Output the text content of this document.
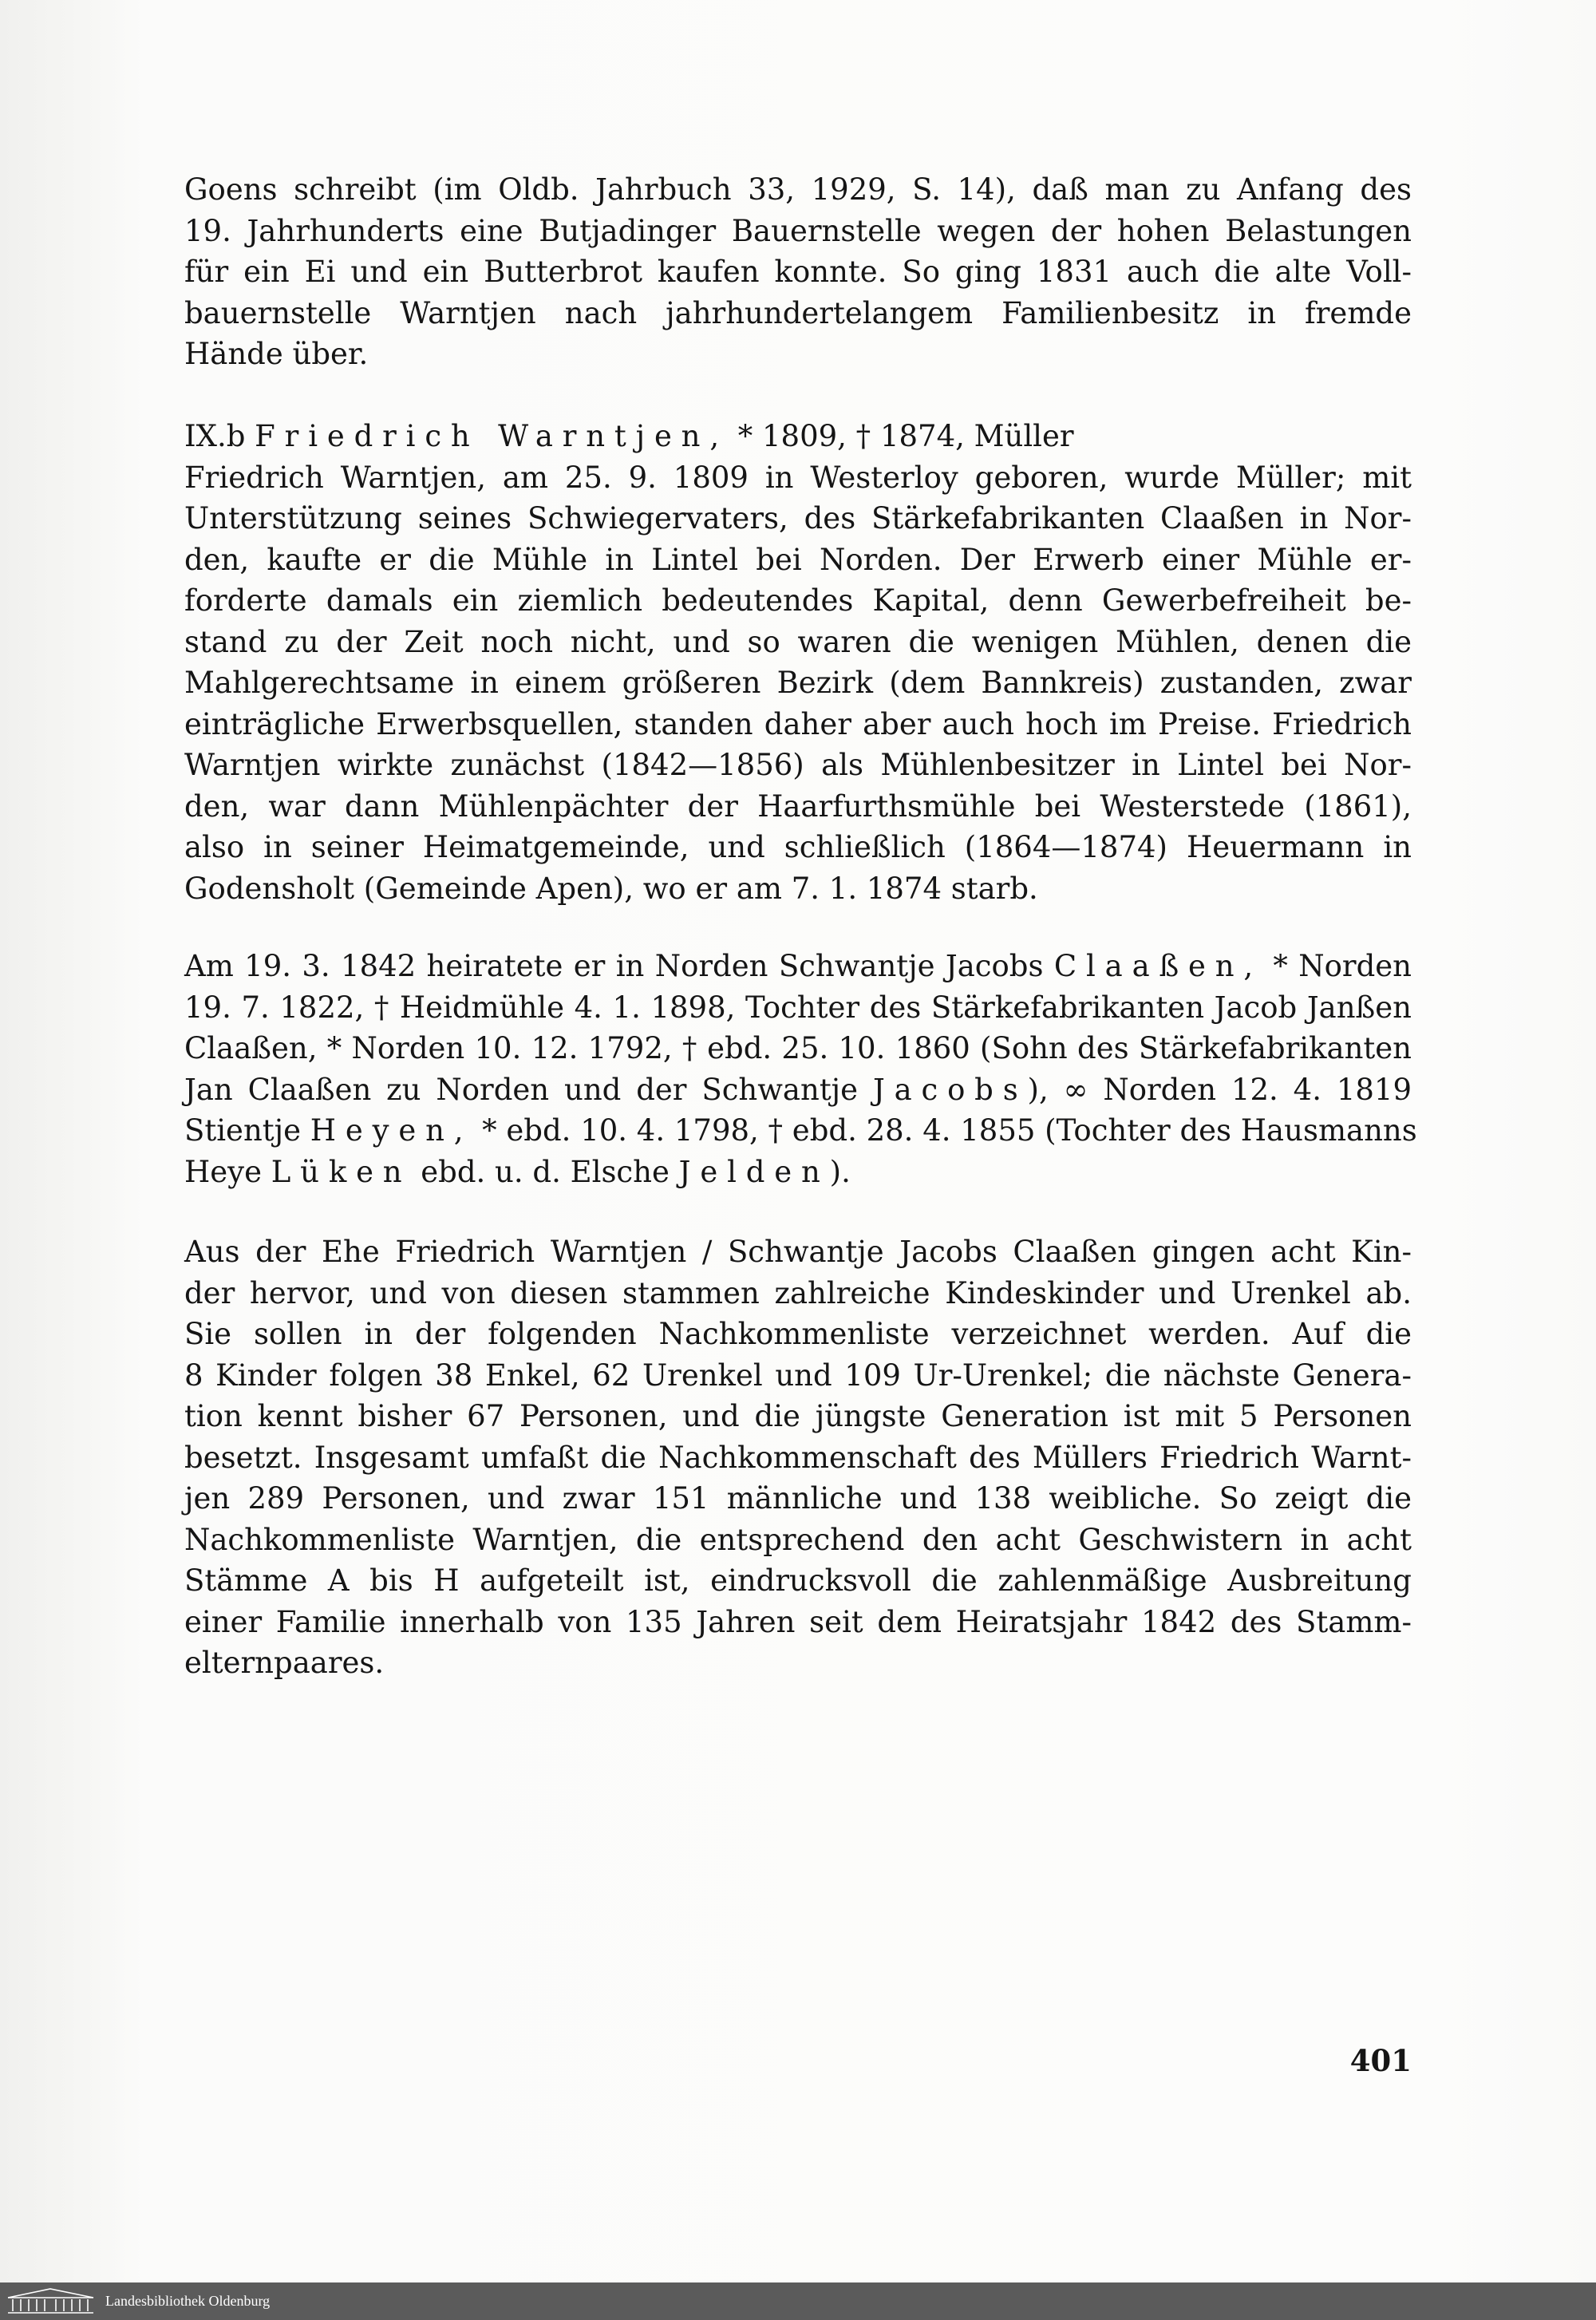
Goens schreibt (im Oldb. Jahrbuch 33, 1929, S. 14), daß man zu Anfang des
19. Jahrhunderts eine Butjadinger Bauernstelle wegen der hohen Belastungen
für ein Ei und ein Butterbrot kaufen konnte. So ging 1831 auch die alte Voll-
bauernstelle Warntjen nach jahrhundertelangem Familienbesitz in fremde
Hände über.
IX.b Friedrich Warntjen, * 1809, † 1874, Müller
Friedrich Warntjen, am 25. 9. 1809 in Westerloy geboren, wurde Müller; mit
Unterstützung seines Schwiegervaters, des Stärkefabrikanten Claaßen in Nor-
den, kaufte er die Mühle in Lintel bei Norden. Der Erwerb einer Mühle er-
forderte damals ein ziemlich bedeutendes Kapital, denn Gewerbefreiheit be-
stand zu der Zeit noch nicht, und so waren die wenigen Mühlen, denen die
Mahlgerechtsame in einem größeren Bezirk (dem Bannkreis) zustanden, zwar
einträgliche Erwerbsquellen, standen daher aber auch hoch im Preise. Friedrich
Warntjen wirkte zunächst (1842—1856) als Mühlenbesitzer in Lintel bei Nor-
den, war dann Mühlenpächter der Haarfurthsmühle bei Westerstede (1861),
also in seiner Heimatgemeinde, und schließlich (1864—1874) Heuermann in
Godensholt (Gemeinde Apen), wo er am 7. 1. 1874 starb.
Am 19. 3. 1842 heiratete er in Norden Schwantje Jacobs Claaßen, * Norden
19. 7. 1822, † Heidmühle 4. 1. 1898, Tochter des Stärkefabrikanten Jacob Janßen
Claaßen, * Norden 10. 12. 1792, † ebd. 25. 10. 1860 (Sohn des Stärkefabrikanten
Jan Claaßen zu Norden und der Schwantje Jacobs), ∞ Norden 12. 4. 1819
Stientje Heyen, * ebd. 10. 4. 1798, † ebd. 28. 4. 1855 (Tochter des Hausmanns
Heye Lüken ebd. u. d. Elsche Jelden).
Aus der Ehe Friedrich Warntjen / Schwantje Jacobs Claaßen gingen acht Kin-
der hervor, und von diesen stammen zahlreiche Kindeskinder und Urenkel ab.
Sie sollen in der folgenden Nachkommenliste verzeichnet werden. Auf die
8 Kinder folgen 38 Enkel, 62 Urenkel und 109 Ur-Urenkel; die nächste Genera-
tion kennt bisher 67 Personen, und die jüngste Generation ist mit 5 Personen
besetzt. Insgesamt umfaßt die Nachkommenschaft des Müllers Friedrich Warnt-
jen 289 Personen, und zwar 151 männliche und 138 weibliche. So zeigt die
Nachkommenliste Warntjen, die entsprechend den acht Geschwistern in acht
Stämme A bis H aufgeteilt ist, eindrucksvoll die zahlenmäßige Ausbreitung
einer Familie innerhalb von 135 Jahren seit dem Heiratsjahr 1842 des Stamm-
elternpaares.
401
Landesbibliothek Oldenburg
